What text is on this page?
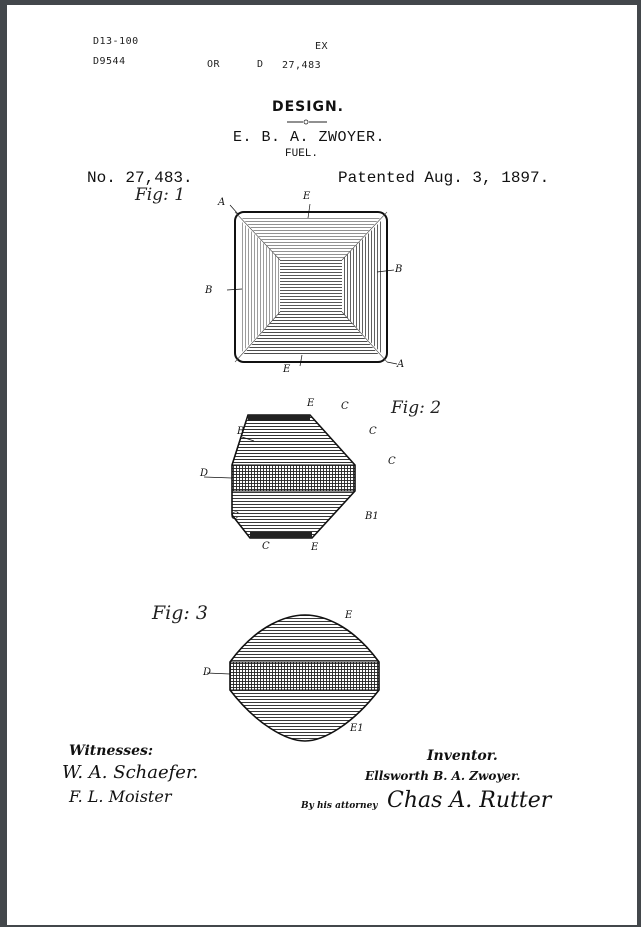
D13-100	EX
D9544	OR	D 27,483
DESIGN.
E. B. A. ZWOYER.
FUEL.
No. 27,483.	Patented Aug. 3, 1897.
Fig: 1	A
E
B
B
E	A
Fig: 2
E	C
B	C
D
C
C	B1
C	E
Fig: 3	E
D
E1
Witnesses:
W. A. Schaefer.
F. L. Moister
Inventor.
Ellsworth B. A. Zwoyer.
By his attorney Chas A. Rutter
